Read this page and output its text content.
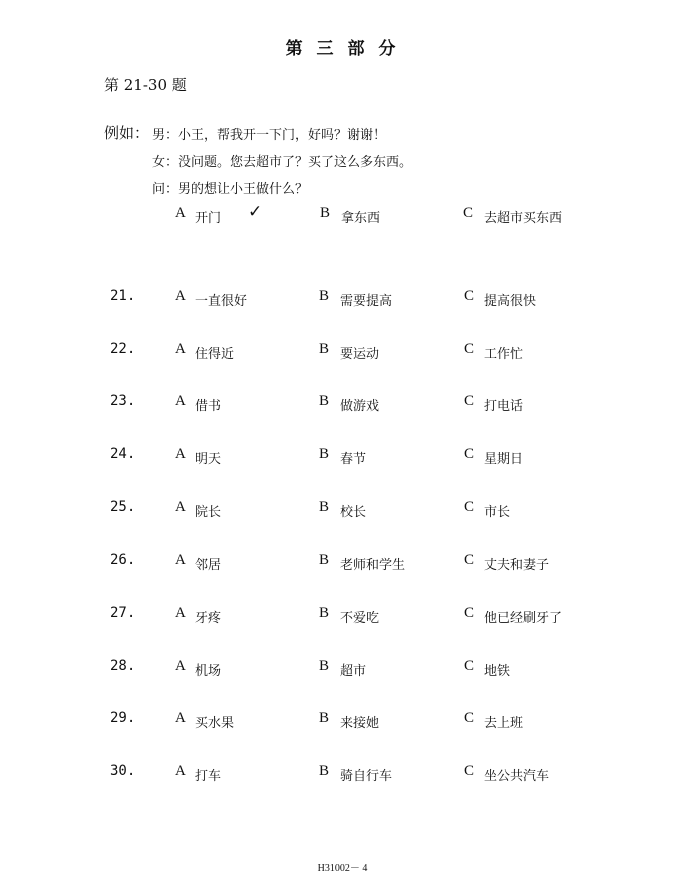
第 三 部 分
第 21-30 题
例如： 男：小王，帮我开一下门，好吗？谢谢！
女：没问题。您去超市了？买了这么多东西。
问：男的想让小王做什么？
A 开门 ✓	B 拿东西	C 去超市买东西
21.	A 一直很好	B 需要提高	C 提高很快
22.	A 住得近	B 要运动	C 工作忙
23.	A 借书	B 做游戏	C 打电话
24.	A 明天	B 春节	C 星期日
25.	A 院长	B 校长	C 市长
26.	A 邻居	B 老师和学生	C 丈夫和妻子
27.	A 牙疼	B 不爱吃	C 他已经刷牙了
28.	A 机场	B 超市	C 地铁
29.	A 买水果	B 来接她	C 去上班
30.	A 打车	B 骑自行车	C 坐公共汽车
H31002－ 4
